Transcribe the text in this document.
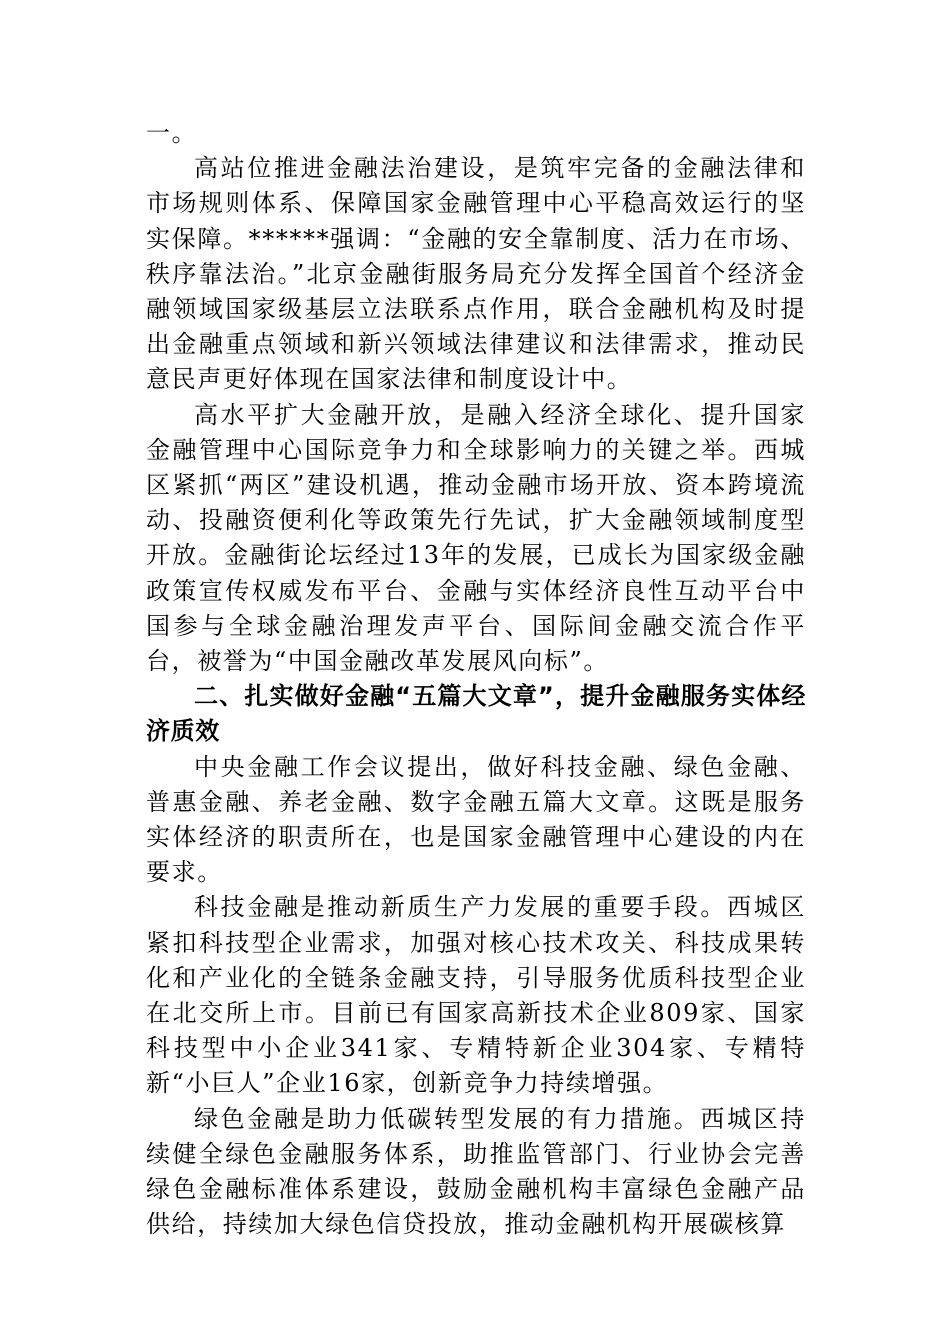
一。

高站位推进金融法治建设，是筑牢完备的金融法律和市场规则体系、保障国家金融管理中心平稳高效运行的坚实保障。******强调：“金融的安全靠制度、活力在市场、秩序靠法治。”北京金融街服务局充分发挥全国首个经济金融领域国家级基层立法联系点作用，联合金融机构及时提出金融重点领域和新兴领域法律建议和法律需求，推动民意民声更好体现在国家法律和制度设计中。

高水平扩大金融开放，是融入经济全球化、提升国家金融管理中心国际竞争力和全球影响力的关键之举。西城区紧抓“两区”建设机遇，推动金融市场开放、资本跨境流动、投融资便利化等政策先行先试，扩大金融领域制度型开放。金融街论坛经过13年的发展，已成长为国家级金融政策宣传权威发布平台、金融与实体经济良性互动平台中国参与全球金融治理发声平台、国际间金融交流合作平台，被誉为“中国金融改革发展风向标”。

二、扎实做好金融“五篇大文章”，提升金融服务实体经济质效

中央金融工作会议提出，做好科技金融、绿色金融、普惠金融、养老金融、数字金融五篇大文章。这既是服务实体经济的职责所在，也是国家金融管理中心建设的内在要求。

科技金融是推动新质生产力发展的重要手段。西城区紧扣科技型企业需求，加强对核心技术攻关、科技成果转化和产业化的全链条金融支持，引导服务优质科技型企业在北交所上市。目前已有国家高新技术企业809家、国家科技型中小企业341家、专精特新企业304家、专精特新“小巨人”企业16家，创新竞争力持续增强。

绿色金融是助力低碳转型发展的有力措施。西城区持续健全绿色金融服务体系，助推监管部门、行业协会完善绿色金融标准体系建设，鼓励金融机构丰富绿色金融产品供给，持续加大绿色信贷投放，推动金融机构开展碳核算
